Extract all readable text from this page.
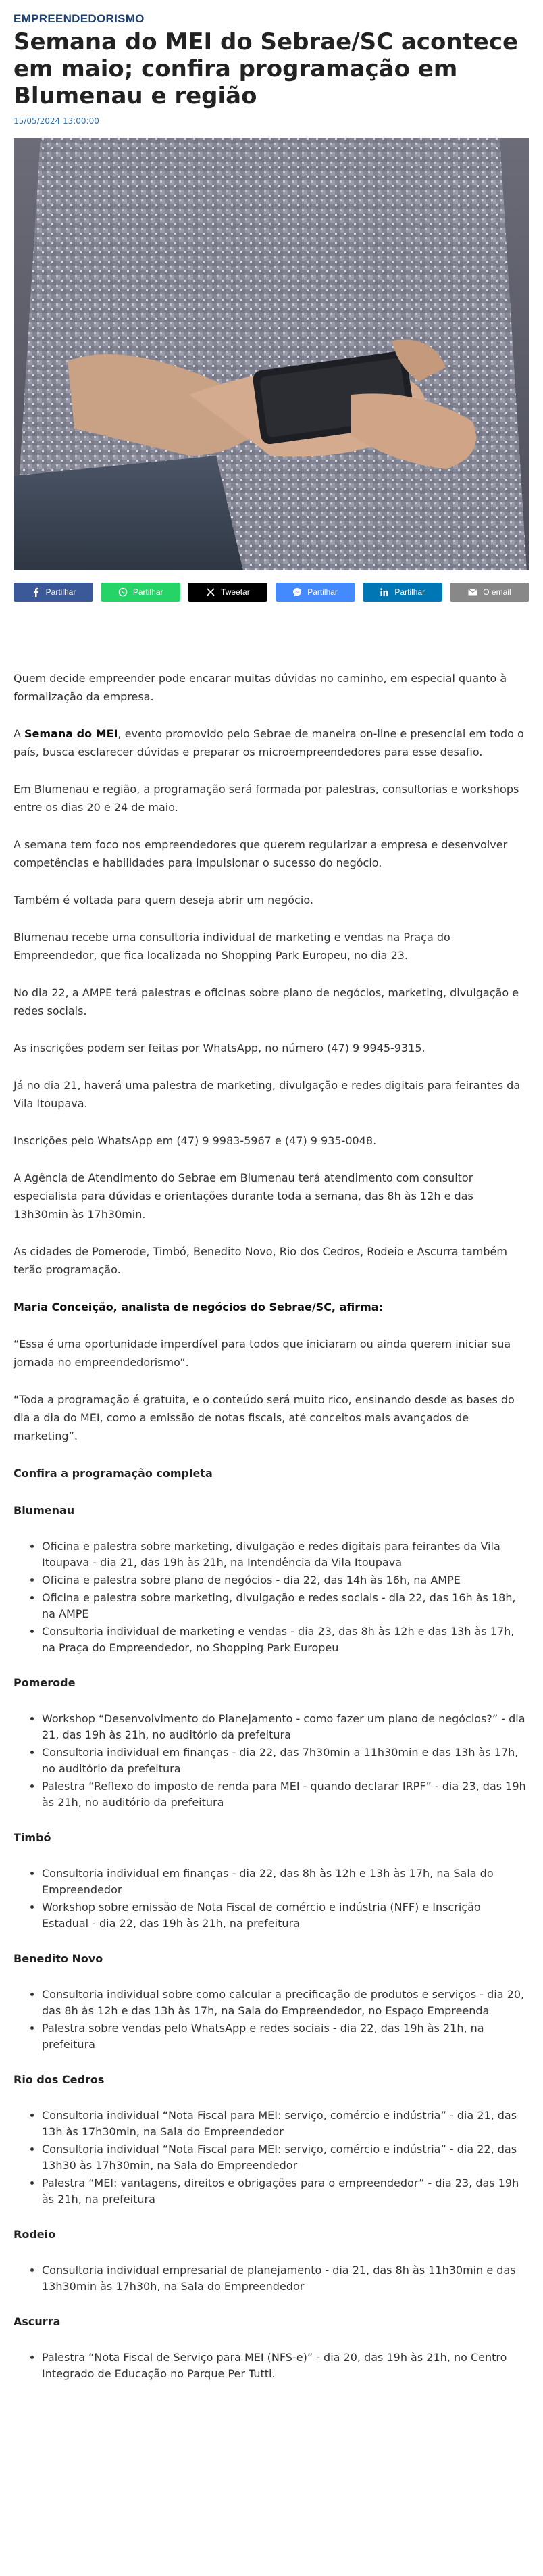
EMPREENDEDORISMO
Semana do MEI do Sebrae/SC acontece em maio; confira programação em Blumenau e região
15/05/2024 13:00:00
Partilhar	Partilhar	Tweetar	Partilhar	Partilhar	O email

Quem decide empreender pode encarar muitas dúvidas no caminho, em especial quanto à formalização da empresa.

A Semana do MEI, evento promovido pelo Sebrae de maneira on-line e presencial em todo o país, busca esclarecer dúvidas e preparar os microempreendedores para esse desafio.

Em Blumenau e região, a programação será formada por palestras, consultorias e workshops entre os dias 20 e 24 de maio.

A semana tem foco nos empreendedores que querem regularizar a empresa e desenvolver competências e habilidades para impulsionar o sucesso do negócio.

Também é voltada para quem deseja abrir um negócio.

Blumenau recebe uma consultoria individual de marketing e vendas na Praça do Empreendedor, que fica localizada no Shopping Park Europeu, no dia 23.

No dia 22, a AMPE terá palestras e oficinas sobre plano de negócios, marketing, divulgação e redes sociais.

As inscrições podem ser feitas por WhatsApp, no número (47) 9 9945-9315.

Já no dia 21, haverá uma palestra de marketing, divulgação e redes digitais para feirantes da Vila Itoupava.

Inscrições pelo WhatsApp em (47) 9 9983-5967 e (47) 9 935-0048.

A Agência de Atendimento do Sebrae em Blumenau terá atendimento com consultor especialista para dúvidas e orientações durante toda a semana, das 8h às 12h e das 13h30min às 17h30min.

As cidades de Pomerode, Timbó, Benedito Novo, Rio dos Cedros, Rodeio e Ascurra também terão programação.

Maria Conceição, analista de negócios do Sebrae/SC, afirma:

“Essa é uma oportunidade imperdível para todos que iniciaram ou ainda querem iniciar sua jornada no empreendedorismo”.

“Toda a programação é gratuita, e o conteúdo será muito rico, ensinando desde as bases do dia a dia do MEI, como a emissão de notas fiscais, até conceitos mais avançados de marketing”.

Confira a programação completa
Blumenau
• Oficina e palestra sobre marketing, divulgação e redes digitais para feirantes da Vila Itoupava - dia 21, das 19h às 21h, na Intendência da Vila Itoupava
• Oficina e palestra sobre plano de negócios - dia 22, das 14h às 16h, na AMPE
• Oficina e palestra sobre marketing, divulgação e redes sociais - dia 22, das 16h às 18h, na AMPE
• Consultoria individual de marketing e vendas - dia 23, das 8h às 12h e das 13h às 17h, na Praça do Empreendedor, no Shopping Park Europeu
Pomerode
• Workshop “Desenvolvimento do Planejamento - como fazer um plano de negócios?” - dia 21, das 19h às 21h, no auditório da prefeitura
• Consultoria individual em finanças - dia 22, das 7h30min a 11h30min e das 13h às 17h, no auditório da prefeitura
• Palestra “Reflexo do imposto de renda para MEI - quando declarar IRPF” - dia 23, das 19h às 21h, no auditório da prefeitura
Timbó
• Consultoria individual em finanças - dia 22, das 8h às 12h e 13h às 17h, na Sala do Empreendedor
• Workshop sobre emissão de Nota Fiscal de comércio e indústria (NFF) e Inscrição Estadual - dia 22, das 19h às 21h, na prefeitura
Benedito Novo
• Consultoria individual sobre como calcular a precificação de produtos e serviços - dia 20, das 8h às 12h e das 13h às 17h, na Sala do Empreendedor, no Espaço Empreenda
• Palestra sobre vendas pelo WhatsApp e redes sociais - dia 22, das 19h às 21h, na prefeitura
Rio dos Cedros
• Consultoria individual “Nota Fiscal para MEI: serviço, comércio e indústria” - dia 21, das 13h às 17h30min, na Sala do Empreendedor
• Consultoria individual “Nota Fiscal para MEI: serviço, comércio e indústria” - dia 22, das 13h30 às 17h30min, na Sala do Empreendedor
• Palestra “MEI: vantagens, direitos e obrigações para o empreendedor” - dia 23, das 19h às 21h, na prefeitura
Rodeio
• Consultoria individual empresarial de planejamento - dia 21, das 8h às 11h30min e das 13h30min às 17h30h, na Sala do Empreendedor
Ascurra
• Palestra “Nota Fiscal de Serviço para MEI (NFS-e)” - dia 20, das 19h às 21h, no Centro Integrado de Educação no Parque Per Tutti.
